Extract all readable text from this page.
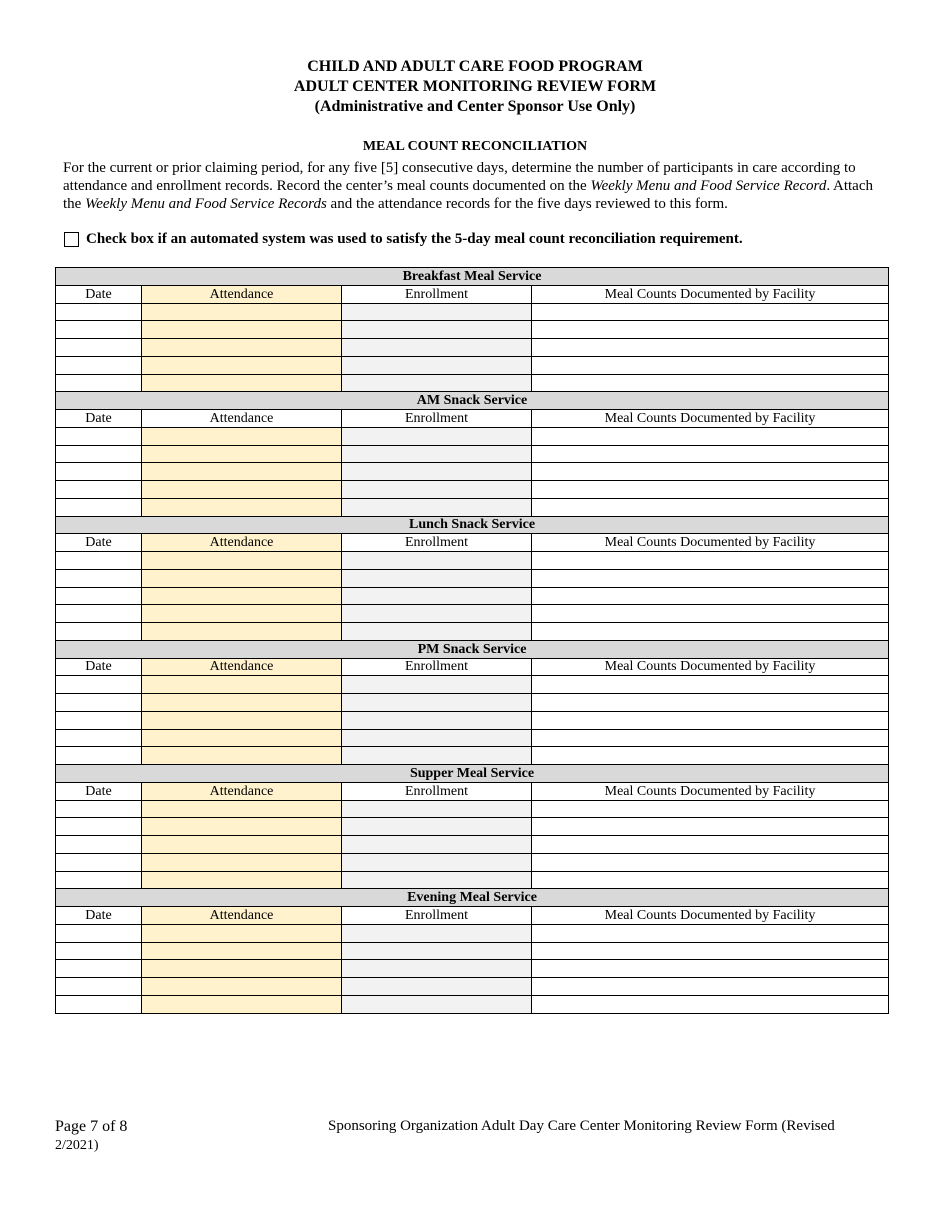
CHILD AND ADULT CARE FOOD PROGRAM
ADULT CENTER MONITORING REVIEW FORM
(Administrative and Center Sponsor Use Only)
MEAL COUNT RECONCILIATION
For the current or prior claiming period, for any five [5] consecutive days, determine the number of participants in care according to attendance and enrollment records. Record the center’s meal counts documented on the Weekly Menu and Food Service Record. Attach the Weekly Menu and Food Service Records and the attendance records for the five days reviewed to this form.
Check box if an automated system was used to satisfy the 5-day meal count reconciliation requirement.
Breakfast Meal Service			
Date	Attendance	Enrollment	Meal Counts Documented by Facility

AM Snack Service			
Date	Attendance	Enrollment	Meal Counts Documented by Facility

Lunch Snack Service			
Date	Attendance	Enrollment	Meal Counts Documented by Facility

PM Snack Service			
Date	Attendance	Enrollment	Meal Counts Documented by Facility

Supper Meal Service			
Date	Attendance	Enrollment	Meal Counts Documented by Facility

Evening Meal Service			
Date	Attendance	Enrollment	Meal Counts Documented by Facility

Page 7 of 8
2/2021)
Sponsoring Organization Adult Day Care Center Monitoring Review Form (Revised
